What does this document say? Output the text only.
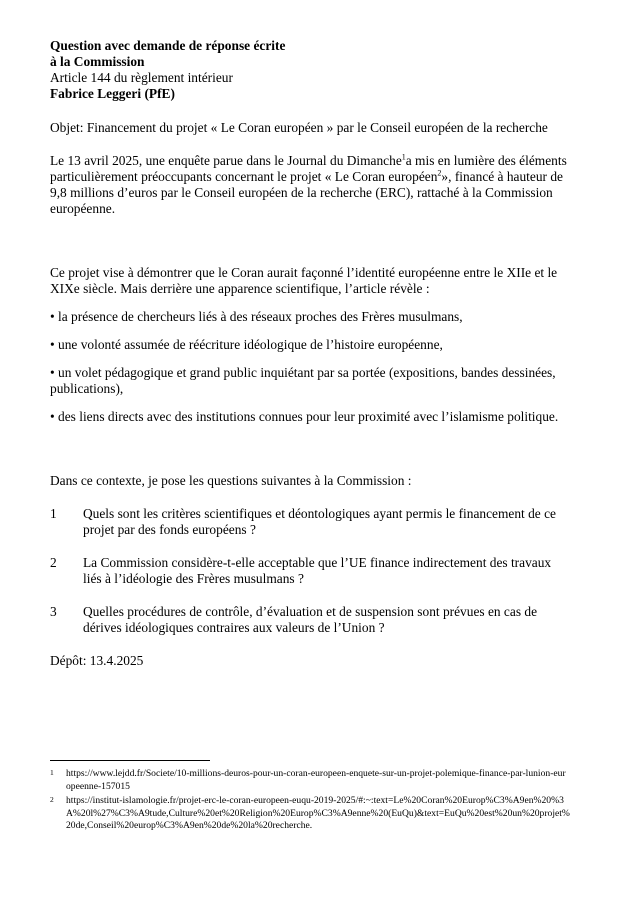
Question avec demande de réponse écrite
à la Commission
Article 144 du règlement intérieur
Fabrice Leggeri (PfE)

Objet: Financement du projet « Le Coran européen » par le Conseil européen de la recherche

Le 13 avril 2025, une enquête parue dans le Journal du Dimanche$^1$a mis en lumière des éléments particulièrement préoccupants concernant le projet « Le Coran européen$^2$», financé à hauteur de 9,8 millions d’euros par le Conseil européen de la recherche (ERC), rattaché à la Commission européenne.

Ce projet vise à démontrer que le Coran aurait façonné l’identité européenne entre le XIIe et le XIXe siècle. Mais derrière une apparence scientifique, l’article révèle :

• la présence de chercheurs liés à des réseaux proches des Frères musulmans,

• une volonté assumée de réécriture idéologique de l’histoire européenne,

• un volet pédagogique et grand public inquiétant par sa portée (expositions, bandes dessinées, publications),

• des liens directs avec des institutions connues pour leur proximité avec l’islamisme politique.

Dans ce contexte, je pose les questions suivantes à la Commission :

1	Quels sont les critères scientifiques et déontologiques ayant permis le financement de ce projet par des fonds européens ?
2	La Commission considère-t-elle acceptable que l’UE finance indirectement des travaux liés à l’idéologie des Frères musulmans ?
3	Quelles procédures de contrôle, d’évaluation et de suspension sont prévues en cas de dérives idéologiques contraires aux valeurs de l’Union ?

Dépôt: 13.4.2025

1	https://www.lejdd.fr/Societe/10-millions-deuros-pour-un-coran-europeen-enquete-sur-un-projet-polemique-finance-par-lunion-europeenne-157015
2	https://institut-islamologie.fr/projet-erc-le-coran-europeen-euqu-2019-2025/#:~:text=Le%20Coran%20Europ%C3%A9en%20%3A%20l%27%C3%A9tude,Culture%20et%20Religion%20Europ%C3%A9enne%20(EuQu)&text=EuQu%20est%20un%20projet%20de,Conseil%20europ%C3%A9en%20de%20la%20recherche.
